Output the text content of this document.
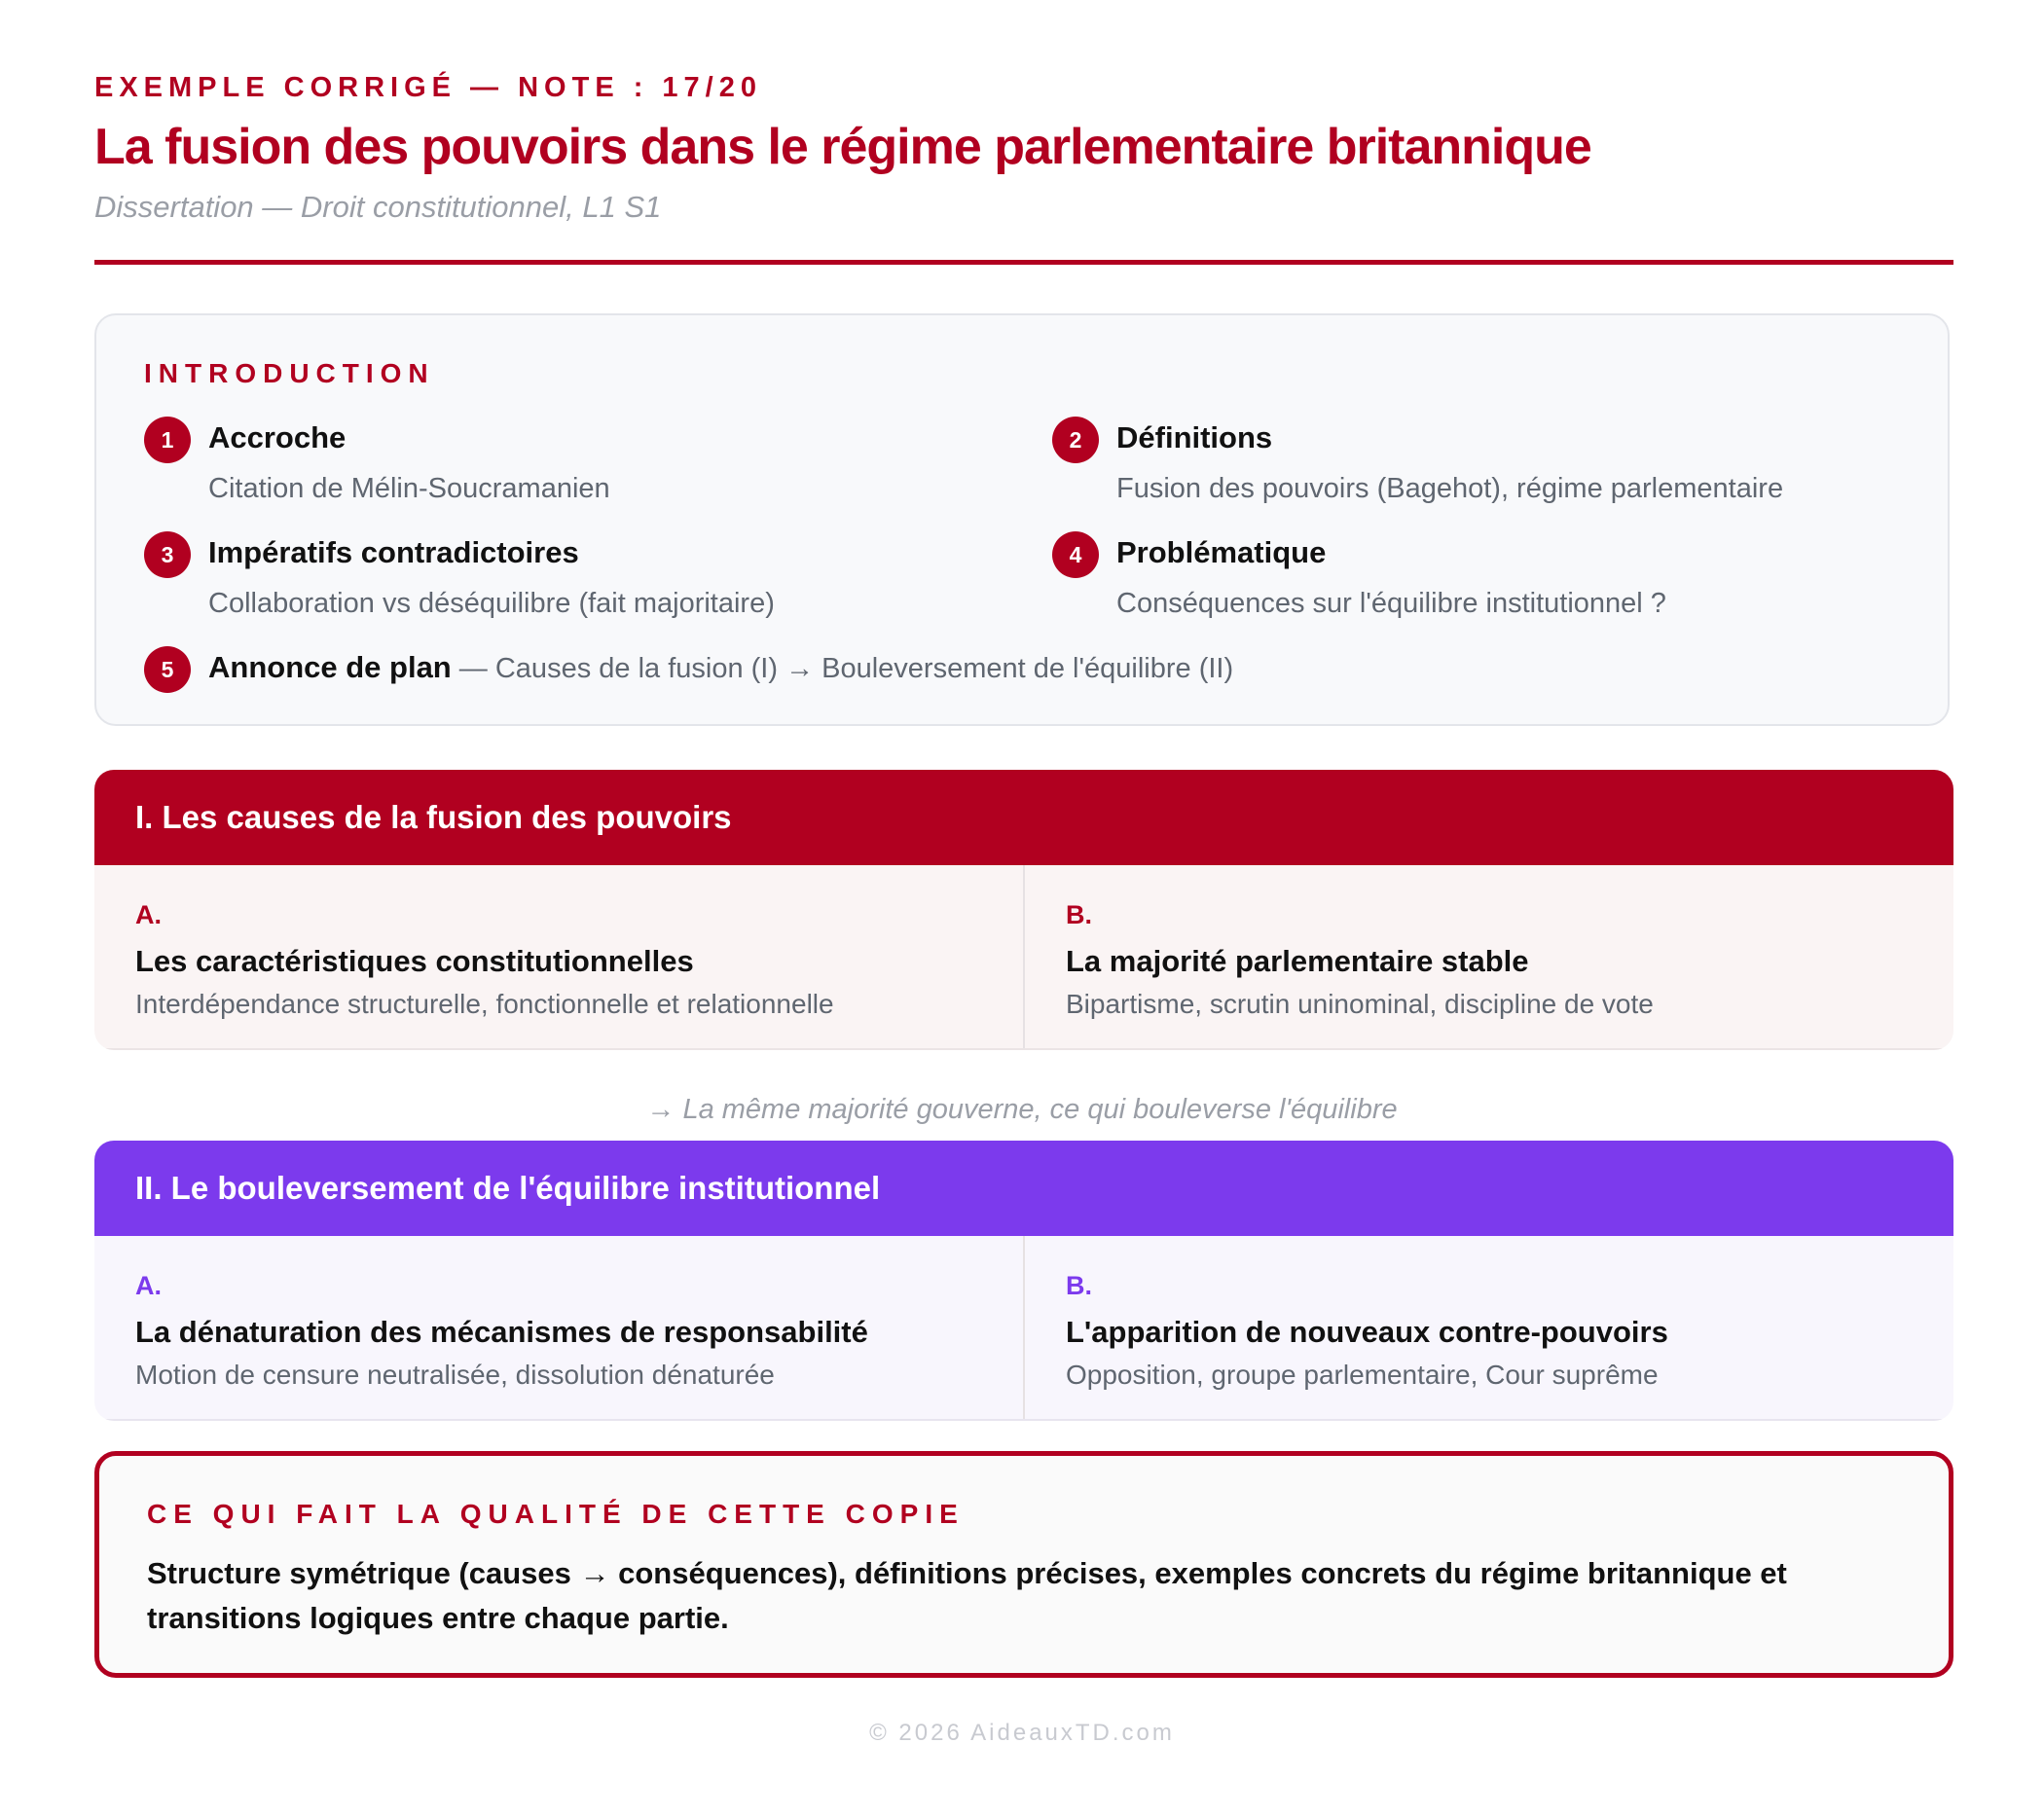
EXEMPLE CORRIGÉ — NOTE : 17/20
La fusion des pouvoirs dans le régime parlementaire britannique
Dissertation — Droit constitutionnel, L1 S1
INTRODUCTION
1	Accroche
Citation de Mélin-Soucramanien
2	Définitions
Fusion des pouvoirs (Bagehot), régime parlementaire
3	Impératifs contradictoires
Collaboration vs déséquilibre (fait majoritaire)
4	Problématique
Conséquences sur l'équilibre institutionnel ?
5	Annonce de plan — Causes de la fusion (I) → Bouleversement de l'équilibre (II)
I. Les causes de la fusion des pouvoirs
A.
Les caractéristiques constitutionnelles
Interdépendance structurelle, fonctionnelle et relationnelle
B.
La majorité parlementaire stable
Bipartisme, scrutin uninominal, discipline de vote
→ La même majorité gouverne, ce qui bouleverse l'équilibre
II. Le bouleversement de l'équilibre institutionnel
A.
La dénaturation des mécanismes de responsabilité
Motion de censure neutralisée, dissolution dénaturée
B.
L'apparition de nouveaux contre-pouvoirs
Opposition, groupe parlementaire, Cour suprême
CE QUI FAIT LA QUALITÉ DE CETTE COPIE
Structure symétrique (causes → conséquences), définitions précises, exemples concrets du régime britannique et transitions logiques entre chaque partie.
© 2026 AideauxTD.com
